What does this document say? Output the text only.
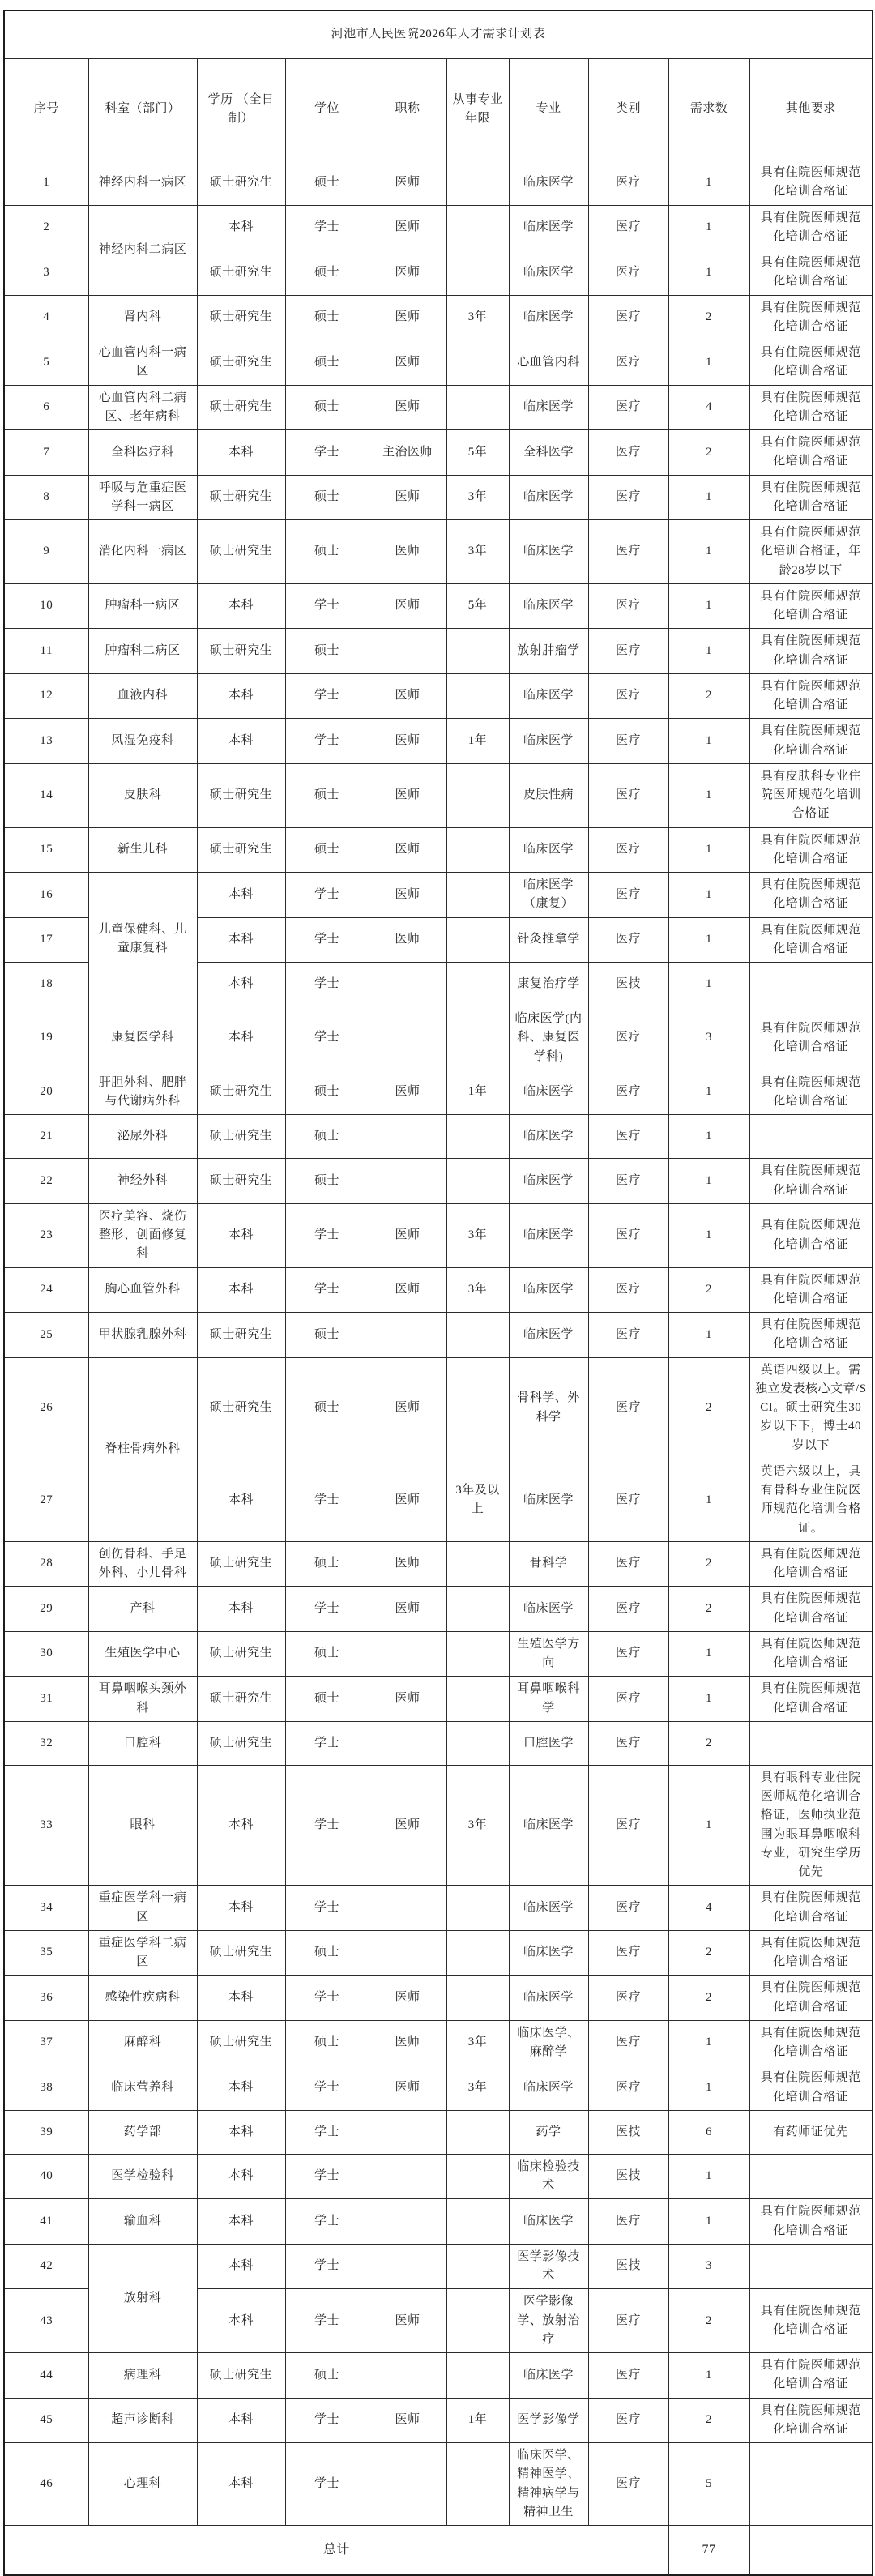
河池市人民医院2026年人才需求计划表									
序号	科室（部门）	学历 （全日制）	学位	职称	从事专业年限	专业	类别	需求数	其他要求
1	神经内科一病区	硕士研究生	硕士	医师		临床医学	医疗	1	具有住院医师规范化培训合格证
2	神经内科二病区	本科	学士	医师		临床医学	医疗	1	具有住院医师规范化培训合格证
3		硕士研究生	硕士	医师		临床医学	医疗	1	具有住院医师规范化培训合格证
4	肾内科	硕士研究生	硕士	医师	3年	临床医学	医疗	2	具有住院医师规范化培训合格证
5	心血管内科一病区	硕士研究生	硕士	医师		心血管内科	医疗	1	具有住院医师规范化培训合格证
6	心血管内科二病区、老年病科	硕士研究生	硕士	医师		临床医学	医疗	4	具有住院医师规范化培训合格证
7	全科医疗科	本科	学士	主治医师	5年	全科医学	医疗	2	具有住院医师规范化培训合格证
8	呼吸与危重症医学科一病区	硕士研究生	硕士	医师	3年	临床医学	医疗	1	具有住院医师规范化培训合格证
9	消化内科一病区	硕士研究生	硕士	医师	3年	临床医学	医疗	1	具有住院医师规范化培训合格证，年龄28岁以下
10	肿瘤科一病区	本科	学士	医师	5年	临床医学	医疗	1	具有住院医师规范化培训合格证
11	肿瘤科二病区	硕士研究生	硕士			放射肿瘤学	医疗	1	具有住院医师规范化培训合格证
12	血液内科	本科	学士	医师		临床医学	医疗	2	具有住院医师规范化培训合格证
13	风湿免疫科	本科	学士	医师	1年	临床医学	医疗	1	具有住院医师规范化培训合格证
14	皮肤科	硕士研究生	硕士	医师		皮肤性病	医疗	1	具有皮肤科专业住院医师规范化培训合格证
15	新生儿科	硕士研究生	硕士	医师		临床医学	医疗	1	具有住院医师规范化培训合格证
16	儿童保健科、儿童康复科	本科	学士	医师		临床医学（康复）	医疗	1	具有住院医师规范化培训合格证
17		本科	学士	医师		针灸推拿学	医疗	1	具有住院医师规范化培训合格证
18		本科	学士			康复治疗学	医技	1	
19	康复医学科	本科	学士			临床医学(内科、康复医学科)	医疗	3	具有住院医师规范化培训合格证
20	肝胆外科、肥胖与代谢病外科	硕士研究生	硕士	医师	1年	临床医学	医疗	1	具有住院医师规范化培训合格证
21	泌尿外科	硕士研究生	硕士			临床医学	医疗	1	
22	神经外科	硕士研究生	硕士			临床医学	医疗	1	具有住院医师规范化培训合格证
23	医疗美容、烧伤整形、创面修复科	本科	学士	医师	3年	临床医学	医疗	1	具有住院医师规范化培训合格证
24	胸心血管外科	本科	学士	医师	3年	临床医学	医疗	2	具有住院医师规范化培训合格证
25	甲状腺乳腺外科	硕士研究生	硕士			临床医学	医疗	1	具有住院医师规范化培训合格证
26	脊柱骨病外科	硕士研究生	硕士	医师		骨科学、外科学	医疗	2	英语四级以上。需独立发表核心文章/SCI。硕士研究生30岁以下下，博士40岁以下
27		本科	学士	医师	3年及以上	临床医学	医疗	1	英语六级以上，具有骨科专业住院医师规范化培训合格证。
28	创伤骨科、手足外科、小儿骨科	硕士研究生	硕士	医师		骨科学	医疗	2	具有住院医师规范化培训合格证
29	产科	本科	学士	医师		临床医学	医疗	2	具有住院医师规范化培训合格证
30	生殖医学中心	硕士研究生	硕士			生殖医学方向	医疗	1	具有住院医师规范化培训合格证
31	耳鼻咽喉头颈外科	硕士研究生	硕士	医师		耳鼻咽喉科学	医疗	1	具有住院医师规范化培训合格证
32	口腔科	硕士研究生	学士			口腔医学	医疗	2	
33	眼科	本科	学士	医师	3年	临床医学	医疗	1	具有眼科专业住院医师规范化培训合格证，医师执业范围为眼耳鼻咽喉科专业，研究生学历优先
34	重症医学科一病区	本科	学士			临床医学	医疗	4	具有住院医师规范化培训合格证
35	重症医学科二病区	硕士研究生	硕士			临床医学	医疗	2	具有住院医师规范化培训合格证
36	感染性疾病科	本科	学士	医师		临床医学	医疗	2	具有住院医师规范化培训合格证
37	麻醉科	硕士研究生	硕士	医师	3年	临床医学、麻醉学	医疗	1	具有住院医师规范化培训合格证
38	临床营养科	本科	学士	医师	3年	临床医学	医疗	1	具有住院医师规范化培训合格证
39	药学部	本科	学士			药学	医技	6	有药师证优先
40	医学检验科	本科	学士			临床检验技术	医技	1	
41	输血科	本科	学士			临床医学	医疗	1	具有住院医师规范化培训合格证
42	放射科	本科	学士			医学影像技术	医技	3	
43		本科	学士	医师		医学影像学、放射治疗	医疗	2	具有住院医师规范化培训合格证
44	病理科	硕士研究生	硕士			临床医学	医疗	1	具有住院医师规范化培训合格证
45	超声诊断科	本科	学士	医师	1年	医学影像学	医疗	2	具有住院医师规范化培训合格证
46	心理科	本科	学士			临床医学、精神医学、精神病学与精神卫生	医疗	5	
总计								77	
